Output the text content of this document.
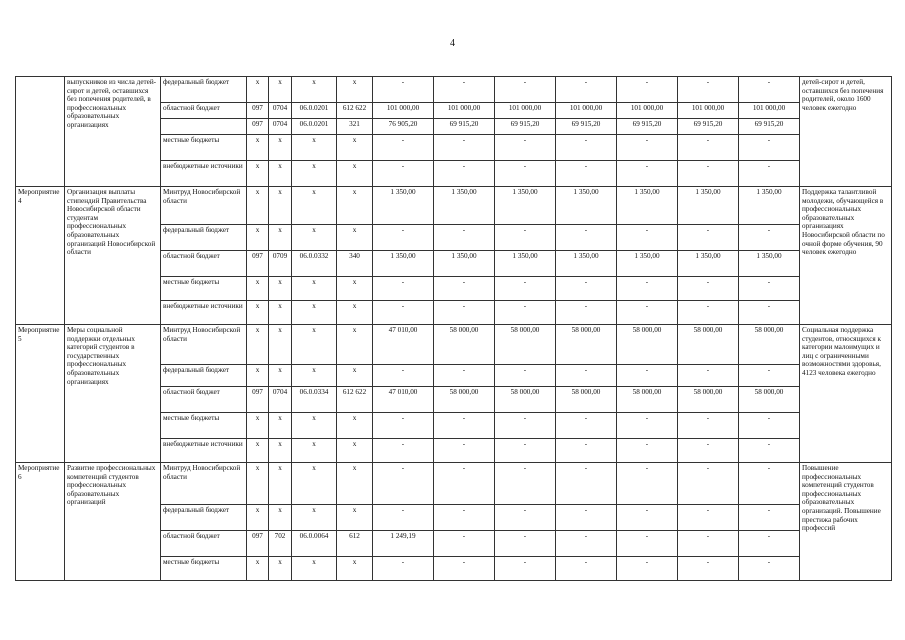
4
	выпускников из числа детей-сирот и детей, оставшихся без попечения родителей, в профессиональных образовательных организациях	федеральный бюджет	х	х	х	х	-	-	-	-	-	-	-	детей-сирот и детей, оставшихся без попечения родителей, около 1600 человек ежегодно
		областной бюджет	097	0704	06.0.0201	612 622	101 000,00	101 000,00	101 000,00	101 000,00	101 000,00	101 000,00	101 000,00	
			097	0704	06.0.0201	321	76 905,20	69 915,20	69 915,20	69 915,20	69 915,20	69 915,20	69 915,20	
		местные бюджеты	х	х	х	х	-	-	-	-	-	-	-	
		внебюджетные источники	х	х	х	х	-	-	-	-	-	-	-	
Мероприятие 4	Организация выплаты стипендий Правительства Новосибирской области студентам профессиональных образовательных организаций Новосибирской области	Минтруд Новосибирской области	х	х	х	х	1 350,00	1 350,00	1 350,00	1 350,00	1 350,00	1 350,00	1 350,00	Поддержка талантливой молодежи, обучающейся в профессиональных образовательных организациях Новосибирской области по очной форме обучения, 90 человек ежегодно
		федеральный бюджет	х	х	х	х	-	-	-	-	-	-	-	
		областной бюджет	097	0709	06.0.0332	340	1 350,00	1 350,00	1 350,00	1 350,00	1 350,00	1 350,00	1 350,00	
		местные бюджеты	х	х	х	х	-	-	-	-	-	-	-	
		внебюджетные источники	х	х	х	х	-	-	-	-	-	-	-	
Мероприятие 5	Меры социальной поддержки отдельных категорий студентов в государственных профессиональных образовательных организациях	Минтруд Новосибирской области	х	х	х	х	47 010,00	58 000,00	58 000,00	58 000,00	58 000,00	58 000,00	58 000,00	Социальная поддержка студентов, относящихся к категории малоимущих и лиц с ограниченными возможностями здоровья, 4123 человека ежегодно
		федеральный бюджет	х	х	х	х	-	-	-	-	-	-	-	
		областной бюджет	097	0704	06.0.0334	612 622	47 010,00	58 000,00	58 000,00	58 000,00	58 000,00	58 000,00	58 000,00	
		местные бюджеты	х	х	х	х	-	-	-	-	-	-	-	
		внебюджетные источники	х	х	х	х	-	-	-	-	-	-	-	
Мероприятие 6	Развитие профессиональных компетенций студентов профессиональных образовательных организаций	Минтруд Новосибирской области	х	х	х	х	-	-	-	-	-	-	-	Повышение профессиональных компетенций студентов профессиональных образовательных организаций. Повышение престижа рабочих профессий
		федеральный бюджет	х	х	х	х	-	-	-	-	-	-	-	
		областной бюджет	097	702	06.0.0064	612	1 249,19	-	-	-	-	-	-	
		местные бюджеты	х	х	х	х	-	-	-	-	-	-	-	
